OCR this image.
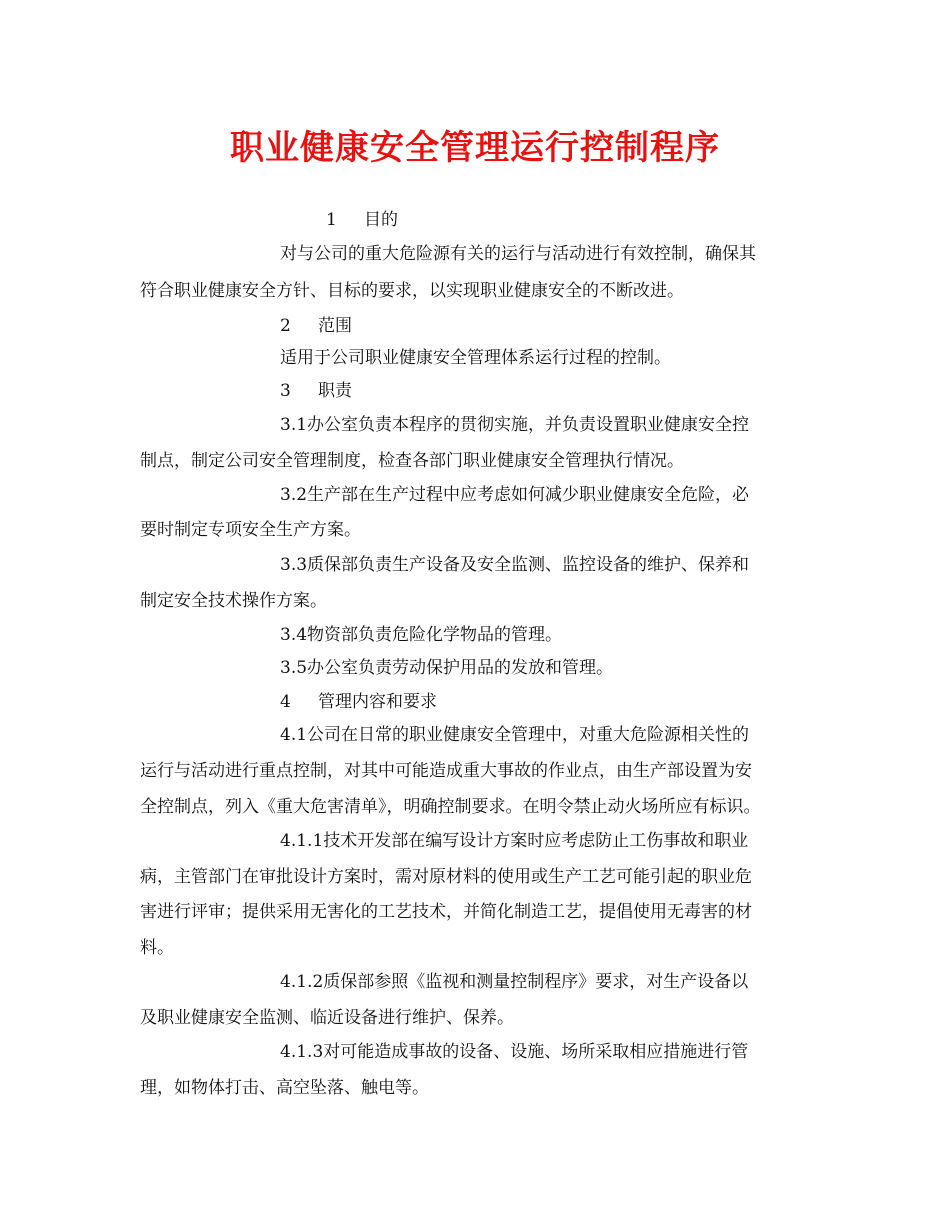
职业健康安全管理运行控制程序
1 目的
对与公司的重大危险源有关的运行与活动进行有效控制，确保其
符合职业健康安全方针、目标的要求，以实现职业健康安全的不断改进。
2 范围
适用于公司职业健康安全管理体系运行过程的控制。
3 职责
3.1办公室负责本程序的贯彻实施，并负责设置职业健康安全控
制点，制定公司安全管理制度，检查各部门职业健康安全管理执行情况。
3.2生产部在生产过程中应考虑如何减少职业健康安全危险，必
要时制定专项安全生产方案。
3.3质保部负责生产设备及安全监测、监控设备的维护、保养和
制定安全技术操作方案。
3.4物资部负责危险化学物品的管理。
3.5办公室负责劳动保护用品的发放和管理。
4 管理内容和要求
4.1公司在日常的职业健康安全管理中，对重大危险源相关性的
运行与活动进行重点控制，对其中可能造成重大事故的作业点，由生产部设置为安
全控制点，列入《重大危害清单》，明确控制要求。在明令禁止动火场所应有标识。
4.1.1技术开发部在编写设计方案时应考虑防止工伤事故和职业
病，主管部门在审批设计方案时，需对原材料的使用或生产工艺可能引起的职业危
害进行评审；提供采用无害化的工艺技术，并简化制造工艺，提倡使用无毒害的材
料。
4.1.2质保部参照《监视和测量控制程序》要求，对生产设备以
及职业健康安全监测、临近设备进行维护、保养。
4.1.3对可能造成事故的设备、设施、场所采取相应措施进行管
理，如物体打击、高空坠落、触电等。
